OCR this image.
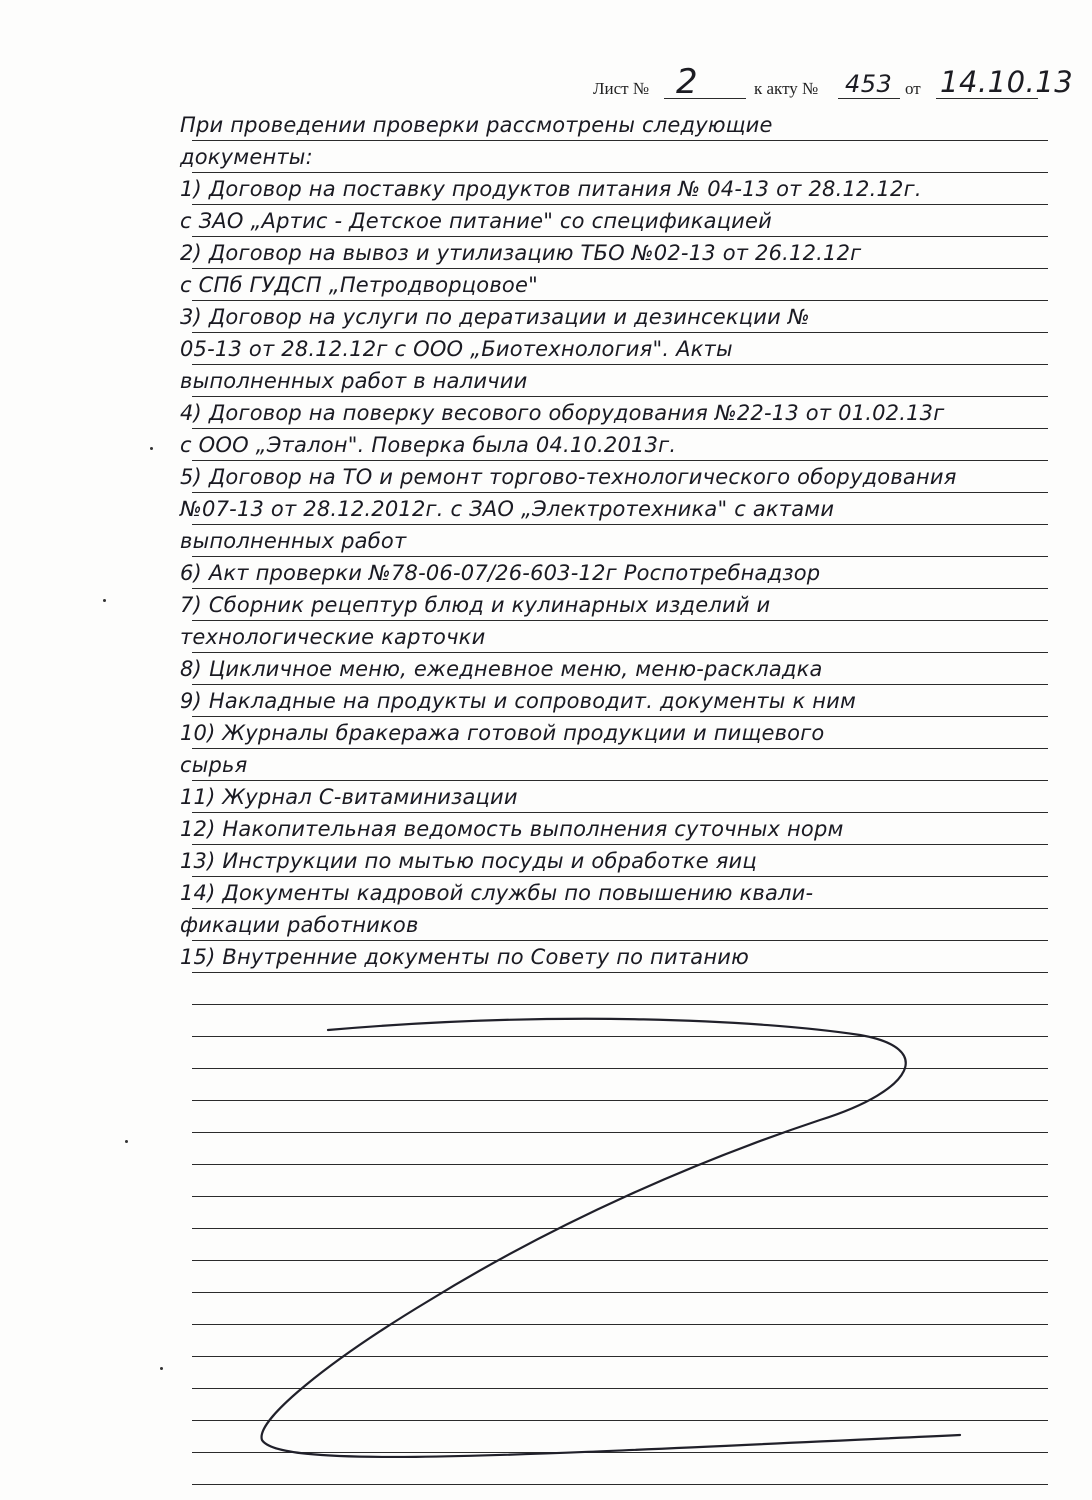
Лист № 2	к акту № 453 от 14.10.13
При проведении проверки рассмотрены следующие
документы:
1) Договор на поставку продуктов питания № 04-13 от 28.12.12г.
с ЗАО „Артис - Детское питание" со спецификацией
2) Договор на вывоз и утилизацию ТБО №02-13 от 26.12.12г
с СПб ГУДСП „Петродворцовое"
3) Договор на услуги по дератизации и дезинсекции №
05-13 от 28.12.12г с ООО „Биотехнология". Акты
выполненных работ в наличии
4) Договор на поверку весового оборудования №22-13 от 01.02.13г
с ООО „Эталон". Поверка была 04.10.2013г.
5) Договор на ТО и ремонт торгово-технологического оборудования
№07-13 от 28.12.2012г. с ЗАО „Электротехника" с актами
выполненных работ
6) Акт проверки №78-06-07/26-603-12г Роспотребнадзор
7) Сборник рецептур блюд и кулинарных изделий и
технологические карточки
8) Цикличное меню, ежедневное меню, меню-раскладка
9) Накладные на продукты и сопроводит. документы к ним
10) Журналы бракеража готовой продукции и пищевого
сырья
11) Журнал С-витаминизации
12) Накопительная ведомость выполнения суточных норм
13) Инструкции по мытью посуды и обработке яиц
14) Документы кадровой службы по повышению квали-
фикации работников
15) Внутренние документы по Совету по питанию
